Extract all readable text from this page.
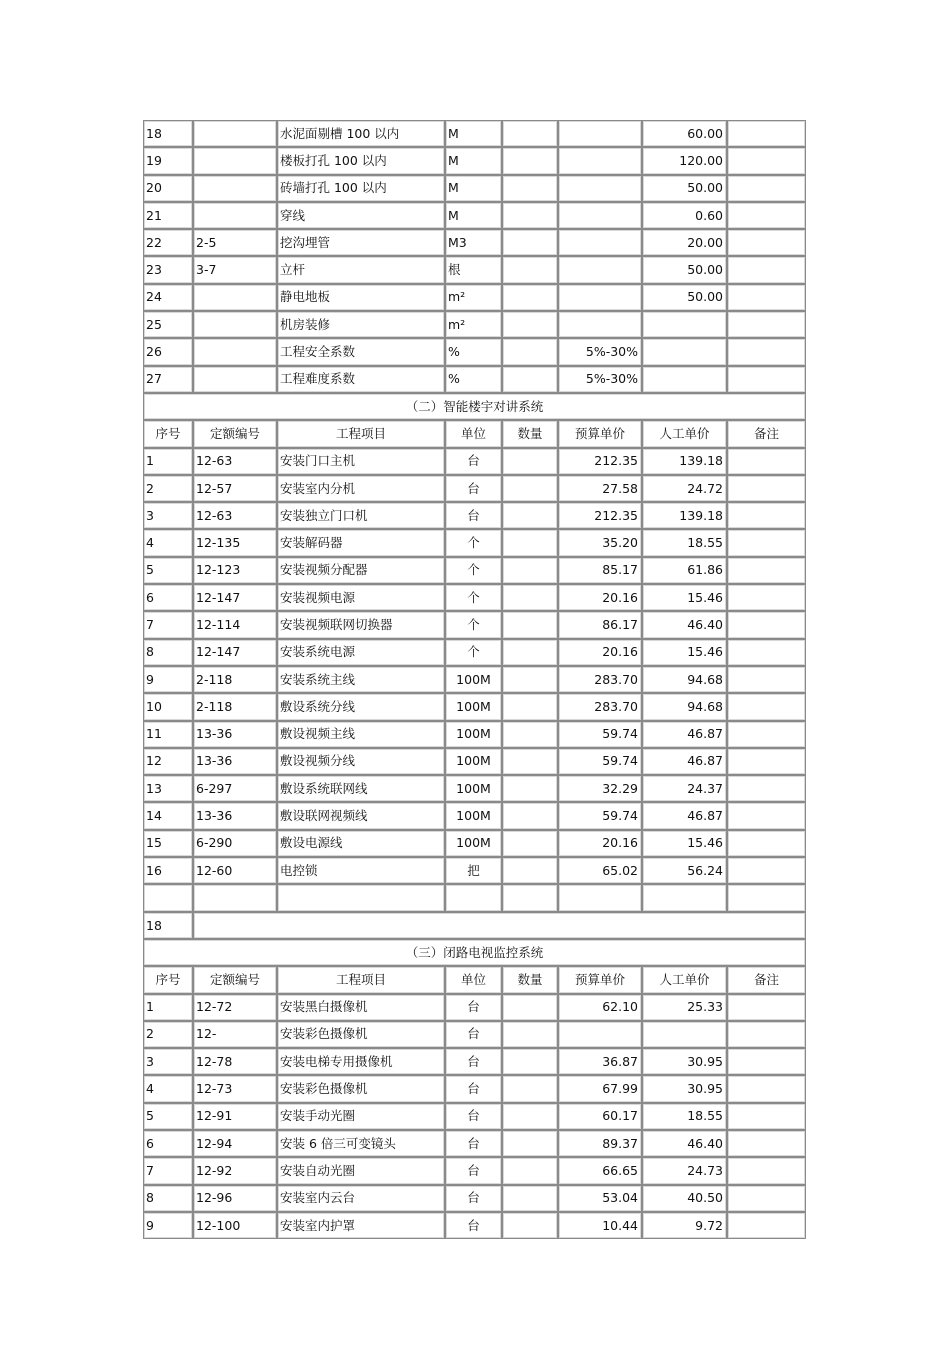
18		水泥面剔槽 100 以内	M			60.00	
19		楼板打孔 100 以内	M			120.00	
20		砖墙打孔 100 以内	M			50.00	
21		穿线	M			0.60	
22	2-5	挖沟埋管	M3			20.00	
23	3-7	立杆	根			50.00	
24		静电地板	m²			50.00	
25		机房装修	m²				
26		工程安全系数	%		5%-30%		
27		工程难度系数	%		5%-30%		
（二）智能楼宇对讲系统							
序号	定额编号	工程项目	单位	数量	预算单价	人工单价	备注
1	12-63	安装门口主机	台		212.35	139.18	
2	12-57	安装室内分机	台		27.58	24.72	
3	12-63	安装独立门口机	台		212.35	139.18	
4	12-135	安装解码器	个		35.20	18.55	
5	12-123	安装视频分配器	个		85.17	61.86	
6	12-147	安装视频电源	个		20.16	15.46	
7	12-114	安装视频联网切换器	个		86.17	46.40	
8	12-147	安装系统电源	个		20.16	15.46	
9	2-118	安装系统主线	100M		283.70	94.68	
10	2-118	敷设系统分线	100M		283.70	94.68	
11	13-36	敷设视频主线	100M		59.74	46.87	
12	13-36	敷设视频分线	100M		59.74	46.87	
13	6-297	敷设系统联网线	100M		32.29	24.37	
14	13-36	敷设联网视频线	100M		59.74	46.87	
15	6-290	敷设电源线	100M		20.16	15.46	
16	12-60	电控锁	把		65.02	56.24	

18							
（三）闭路电视监控系统							
序号	定额编号	工程项目	单位	数量	预算单价	人工单价	备注
1	12-72	安装黑白摄像机	台		62.10	25.33	
2	12-	安装彩色摄像机	台				
3	12-78	安装电梯专用摄像机	台		36.87	30.95	
4	12-73	安装彩色摄像机	台		67.99	30.95	
5	12-91	安装手动光圈	台		60.17	18.55	
6	12-94	安装 6 倍三可变镜头	台		89.37	46.40	
7	12-92	安装自动光圈	台		66.65	24.73	
8	12-96	安装室内云台	台		53.04	40.50	
9	12-100	安装室内护罩	台		10.44	9.72	
